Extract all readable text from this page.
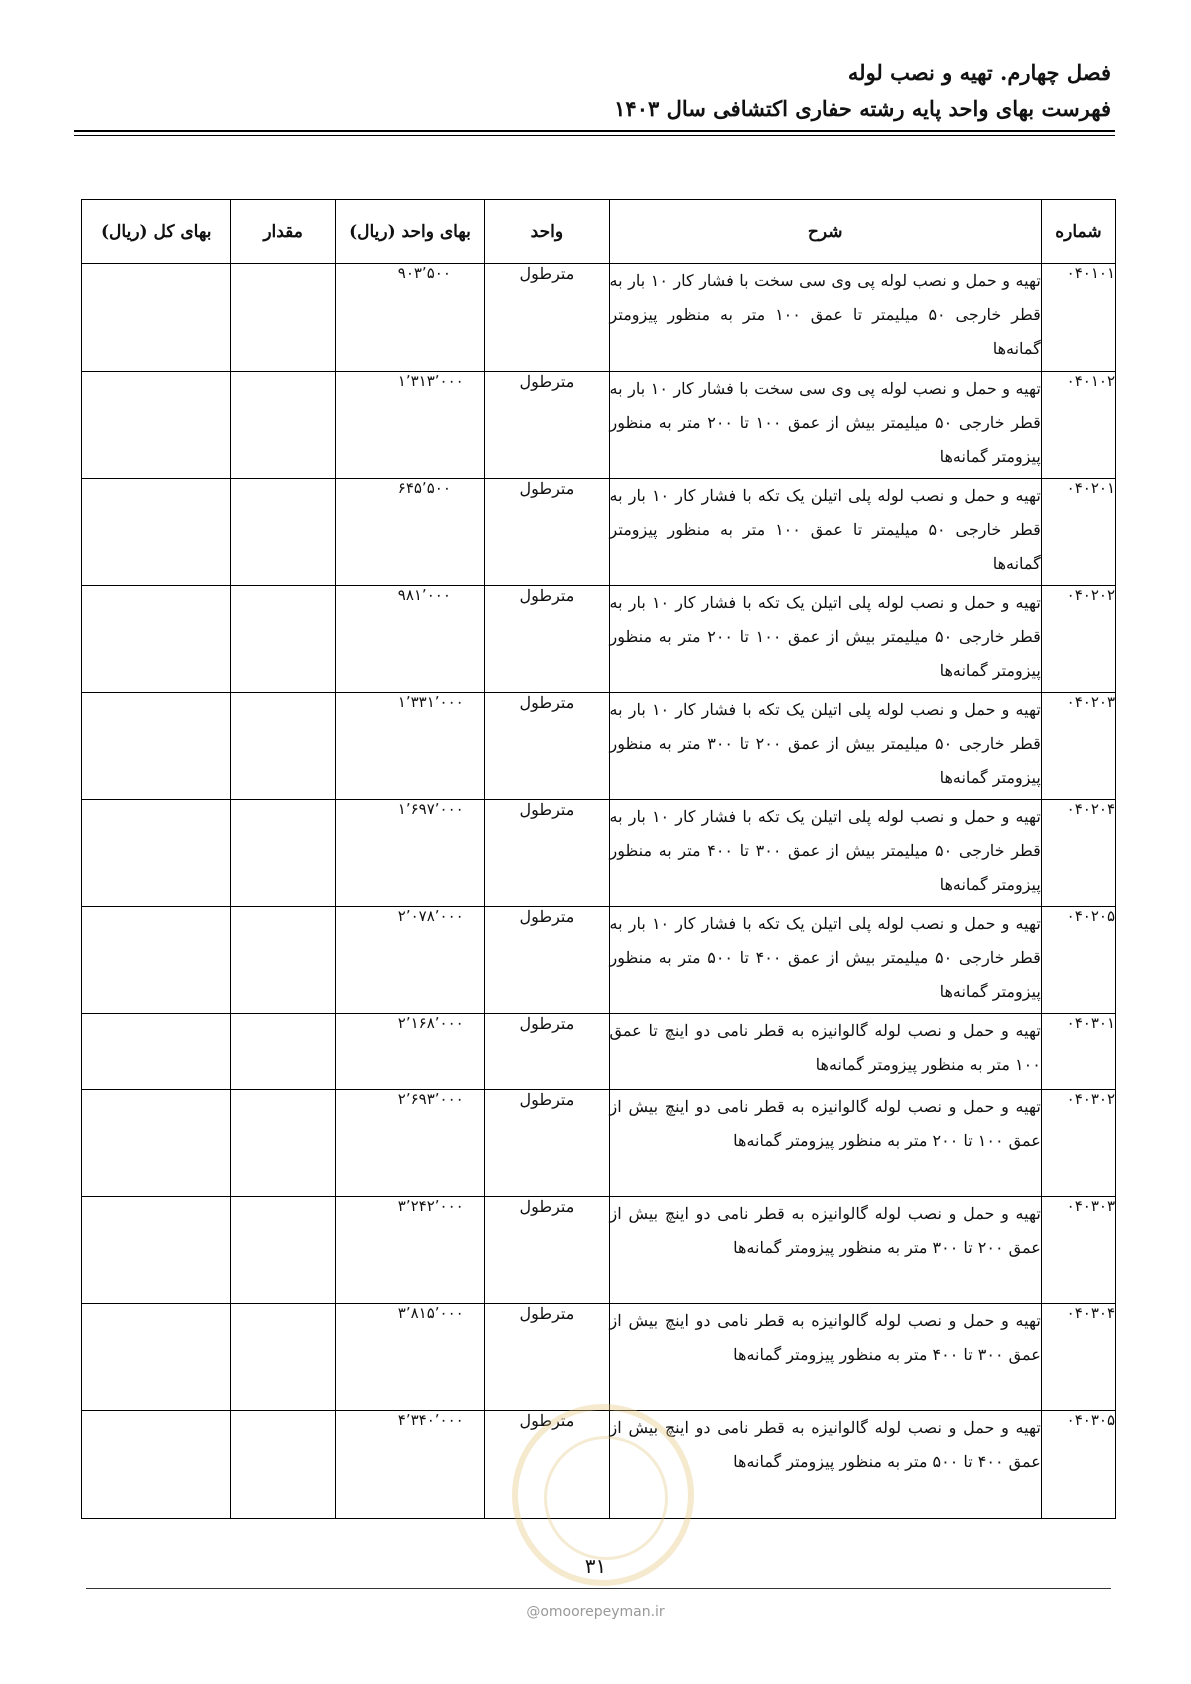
فصل چهارم. تهیه و نصب لوله
فهرست بهای واحد پایه رشته حفاری اکتشافی سال ۱۴۰۳
شماره	شرح	واحد	بهای واحد (ریال)	مقدار	بهای کل (ریال)
۰۴۰۱۰۱	تهیه و حمل و نصب لوله پی وی سی سخت با فشار کار ۱۰ بار به قطر خارجی ۵۰ میلیمتر تا عمق ۱۰۰ متر به منظور پیزومتر گمانه‌ها	مترطول	۹۰۳٬۵۰۰		

۰۴۰۱۰۲	تهیه و حمل و نصب لوله پی وی سی سخت با فشار کار ۱۰ بار به قطر خارجی ۵۰ میلیمتر بیش از عمق ۱۰۰ تا ۲۰۰ متر به منظور پیزومتر گمانه‌ها	مترطول	۱٬۳۱۳٬۰۰۰		

۰۴۰۲۰۱	تهیه و حمل و نصب لوله پلی اتیلن یک تکه با فشار کار ۱۰ بار به قطر خارجی ۵۰ میلیمتر تا عمق ۱۰۰ متر به منظور پیزومتر گمانه‌ها	مترطول	۶۴۵٬۵۰۰		

۰۴۰۲۰۲	تهیه و حمل و نصب لوله پلی اتیلن یک تکه با فشار کار ۱۰ بار به قطر خارجی ۵۰ میلیمتر بیش از عمق ۱۰۰ تا ۲۰۰ متر به منظور پیزومتر گمانه‌ها	مترطول	۹۸۱٬۰۰۰		

۰۴۰۲۰۳	تهیه و حمل و نصب لوله پلی اتیلن یک تکه با فشار کار ۱۰ بار به قطر خارجی ۵۰ میلیمتر بیش از عمق ۲۰۰ تا ۳۰۰ متر به منظور پیزومتر گمانه‌ها	مترطول	۱٬۳۳۱٬۰۰۰		

۰۴۰۲۰۴	تهیه و حمل و نصب لوله پلی اتیلن یک تکه با فشار کار ۱۰ بار به قطر خارجی ۵۰ میلیمتر بیش از عمق ۳۰۰ تا ۴۰۰ متر به منظور پیزومتر گمانه‌ها	مترطول	۱٬۶۹۷٬۰۰۰		

۰۴۰۲۰۵	تهیه و حمل و نصب لوله پلی اتیلن یک تکه با فشار کار ۱۰ بار به قطر خارجی ۵۰ میلیمتر بیش از عمق ۴۰۰ تا ۵۰۰ متر به منظور پیزومتر گمانه‌ها	مترطول	۲٬۰۷۸٬۰۰۰		

۰۴۰۳۰۱	تهیه و حمل و نصب لوله گالوانیزه به قطر نامی دو اینچ تا عمق ۱۰۰ متر به منظور پیزومتر گمانه‌ها	مترطول	۲٬۱۶۸٬۰۰۰		

۰۴۰۳۰۲	تهیه و حمل و نصب لوله گالوانیزه به قطر نامی دو اینچ بیش از عمق ۱۰۰ تا ۲۰۰ متر به منظور پیزومتر گمانه‌ها	مترطول	۲٬۶۹۳٬۰۰۰		

۰۴۰۳۰۳	تهیه و حمل و نصب لوله گالوانیزه به قطر نامی دو اینچ بیش از عمق ۲۰۰ تا ۳۰۰ متر به منظور پیزومتر گمانه‌ها	مترطول	۳٬۲۴۲٬۰۰۰		

۰۴۰۳۰۴	تهیه و حمل و نصب لوله گالوانیزه به قطر نامی دو اینچ بیش از عمق ۳۰۰ تا ۴۰۰ متر به منظور پیزومتر گمانه‌ها	مترطول	۳٬۸۱۵٬۰۰۰		

۰۴۰۳۰۵	تهیه و حمل و نصب لوله گالوانیزه به قطر نامی دو اینچ بیش از عمق ۴۰۰ تا ۵۰۰ متر به منظور پیزومتر گمانه‌ها	مترطول	۴٬۳۴۰٬۰۰۰		

۳۱
@omoorepeyman.ir
